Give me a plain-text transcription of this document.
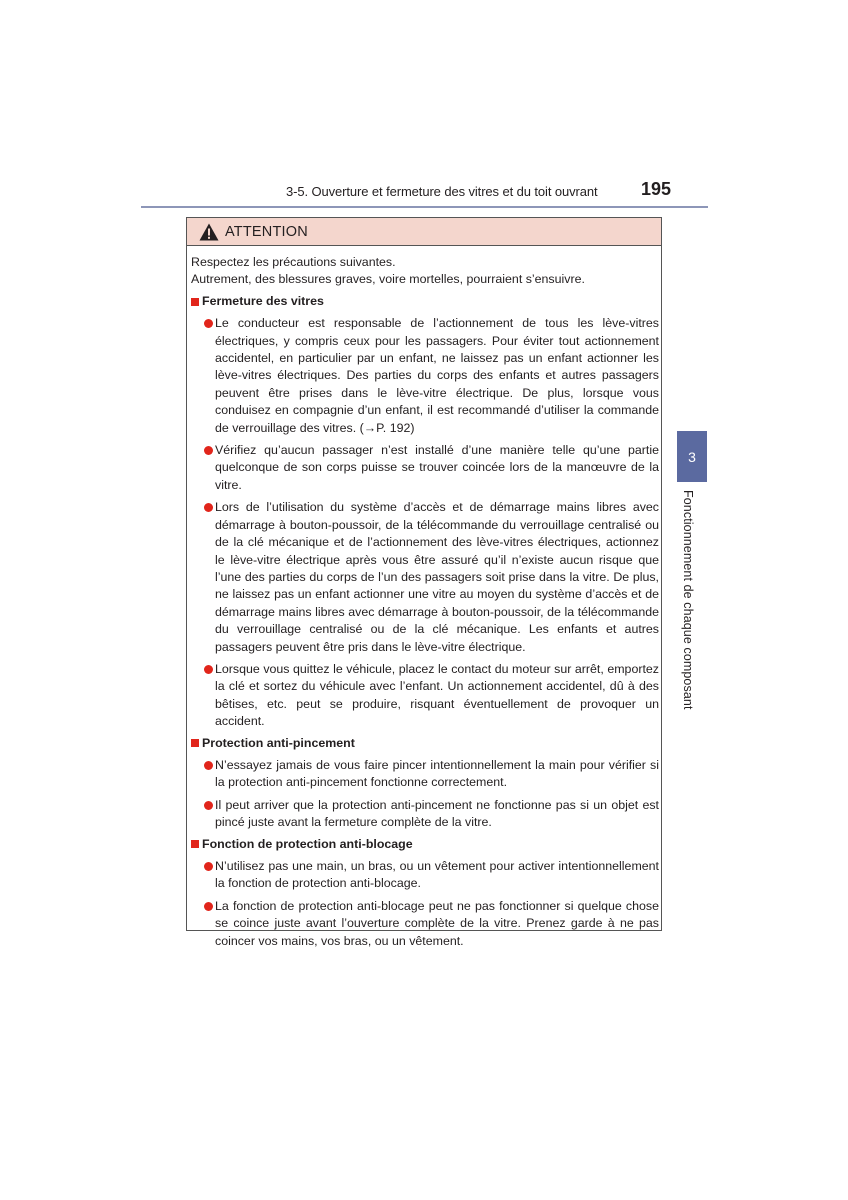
3-5. Ouverture et fermeture des vitres et du toit ouvrant 195
ATTENTION

Respectez les précautions suivantes.

Autrement, des blessures graves, voire mortelles, pourraient s’ensuivre.

Fermeture des vitres
Le conducteur est responsable de l’actionnement de tous les lève-vitres électriques, y compris ceux pour les passagers. Pour éviter tout actionnement accidentel, en particulier par un enfant, ne laissez pas un enfant actionner les lève-vitres électriques. Des parties du corps des enfants et autres passagers peuvent être prises dans le lève-vitre électrique. De plus, lorsque vous conduisez en compagnie d’un enfant, il est recommandé d’utiliser la commande de verrouillage des vitres. (→P. 192)
Vérifiez qu’aucun passager n’est installé d’une manière telle qu’une partie quelconque de son corps puisse se trouver coincée lors de la manœuvre de la vitre.
Lors de l’utilisation du système d’accès et de démarrage mains libres avec démarrage à bouton-poussoir, de la télécommande du verrouillage centralisé ou de la clé mécanique et de l’actionnement des lève-vitres électriques, actionnez le lève-vitre électrique après vous être assuré qu’il n’existe aucun risque que l’une des parties du corps de l’un des passagers soit prise dans la vitre. De plus, ne laissez pas un enfant actionner une vitre au moyen du système d’accès et de démarrage mains libres avec démarrage à bouton-poussoir, de la télécommande du verrouillage centralisé ou de la clé mécanique. Les enfants et autres passagers peuvent être pris dans le lève-vitre électrique.
Lorsque vous quittez le véhicule, placez le contact du moteur sur arrêt, emportez la clé et sortez du véhicule avec l’enfant. Un actionnement accidentel, dû à des bêtises, etc. peut se produire, risquant éventuellement de provoquer un accident.
Protection anti-pincement
N’essayez jamais de vous faire pincer intentionnellement la main pour vérifier si la protection anti-pincement fonctionne correctement.
Il peut arriver que la protection anti-pincement ne fonctionne pas si un objet est pincé juste avant la fermeture complète de la vitre.
Fonction de protection anti-blocage
N’utilisez pas une main, un bras, ou un vêtement pour activer intentionnellement la fonction de protection anti-blocage.
La fonction de protection anti-blocage peut ne pas fonctionner si quelque chose se coince juste avant l’ouverture complète de la vitre. Prenez garde à ne pas coincer vos mains, vos bras, ou un vêtement.
3
Fonctionnement de chaque composant
